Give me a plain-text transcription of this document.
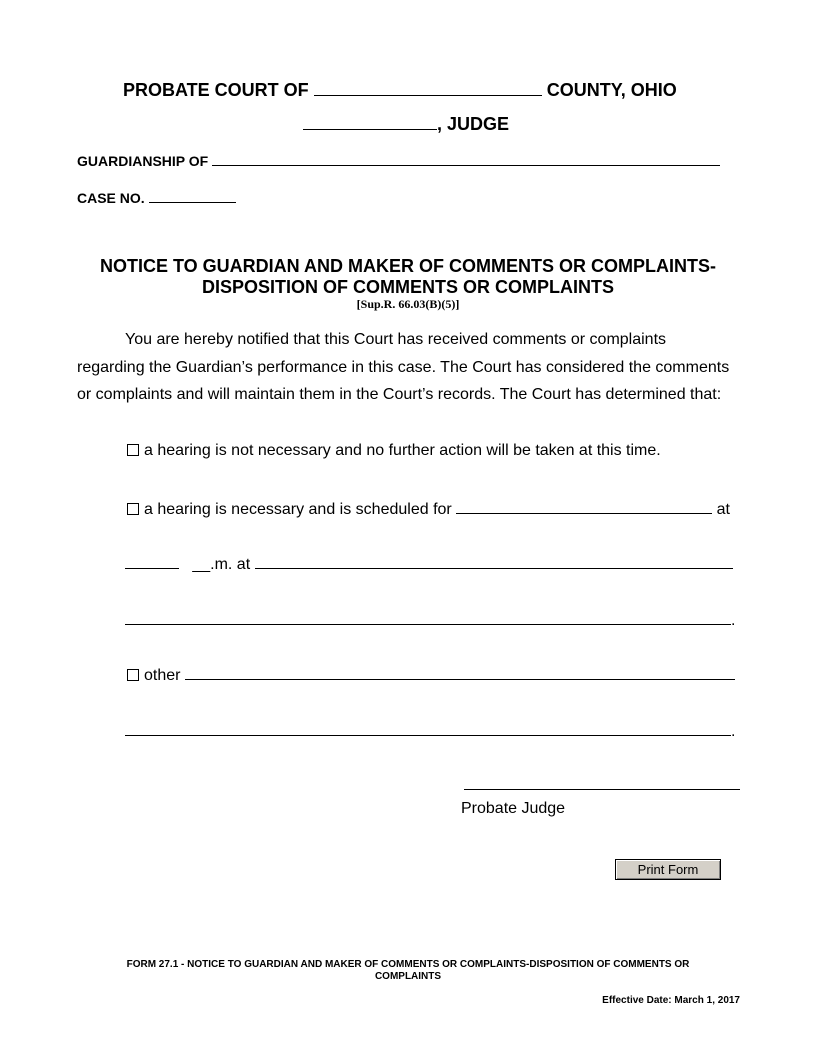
PROBATE COURT OF	COUNTY, OHIO
, JUDGE
GUARDIANSHIP OF
CASE NO.
NOTICE TO GUARDIAN AND MAKER OF COMMENTS OR COMPLAINTS-
DISPOSITION OF COMMENTS OR COMPLAINTS
[Sup.R. 66.03(B)(5)]
You are hereby notified that this Court has received comments or complaints
regarding the Guardian’s performance in this case. The Court has considered the comments
or complaints and will maintain them in the Court’s records. The Court has determined that:
a hearing is not necessary and no further action will be taken at this time.
a hearing is necessary and is scheduled for	at
__.m. at
.
other
.
Probate Judge
Print Form
FORM 27.1 - NOTICE TO GUARDIAN AND MAKER OF COMMENTS OR COMPLAINTS-DISPOSITION OF COMMENTS OR
COMPLAINTS
Effective Date: March 1, 2017
